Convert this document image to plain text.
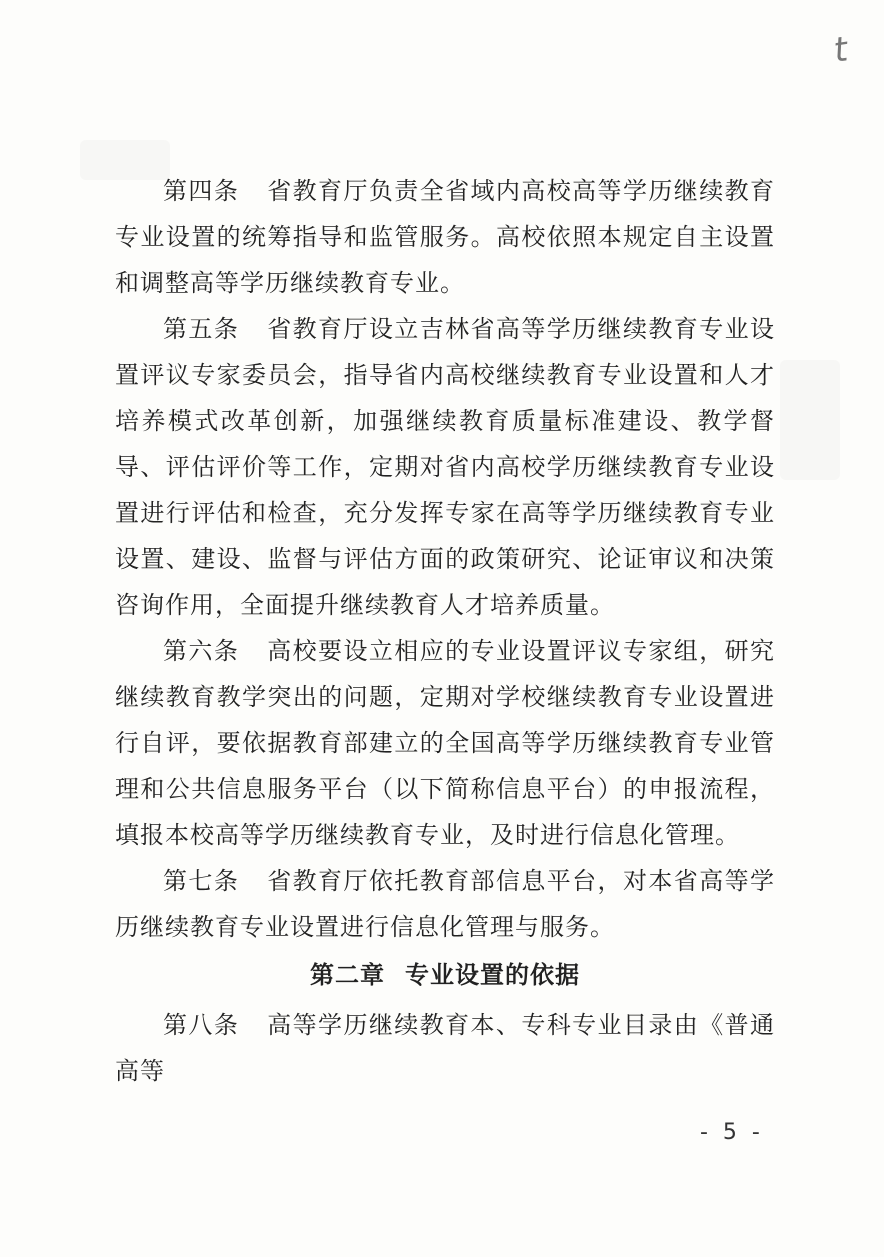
t

第四条 省教育厅负责全省域内高校高等学历继续教育专业设置的统筹指导和监管服务。高校依照本规定自主设置和调整高等学历继续教育专业。

第五条 省教育厅设立吉林省高等学历继续教育专业设置评议专家委员会，指导省内高校继续教育专业设置和人才培养模式改革创新，加强继续教育质量标准建设、教学督导、评估评价等工作，定期对省内高校学历继续教育专业设置进行评估和检查，充分发挥专家在高等学历继续教育专业设置、建设、监督与评估方面的政策研究、论证审议和决策咨询作用，全面提升继续教育人才培养质量。

第六条 高校要设立相应的专业设置评议专家组，研究继续教育教学突出的问题，定期对学校继续教育专业设置进行自评，要依据教育部建立的全国高等学历继续教育专业管理和公共信息服务平台（以下简称信息平台）的申报流程，填报本校高等学历继续教育专业，及时进行信息化管理。

第七条 省教育厅依托教育部信息平台，对本省高等学历继续教育专业设置进行信息化管理与服务。

第二章 专业设置的依据

第八条 高等学历继续教育本、专科专业目录由《普通高等

- 5 -
